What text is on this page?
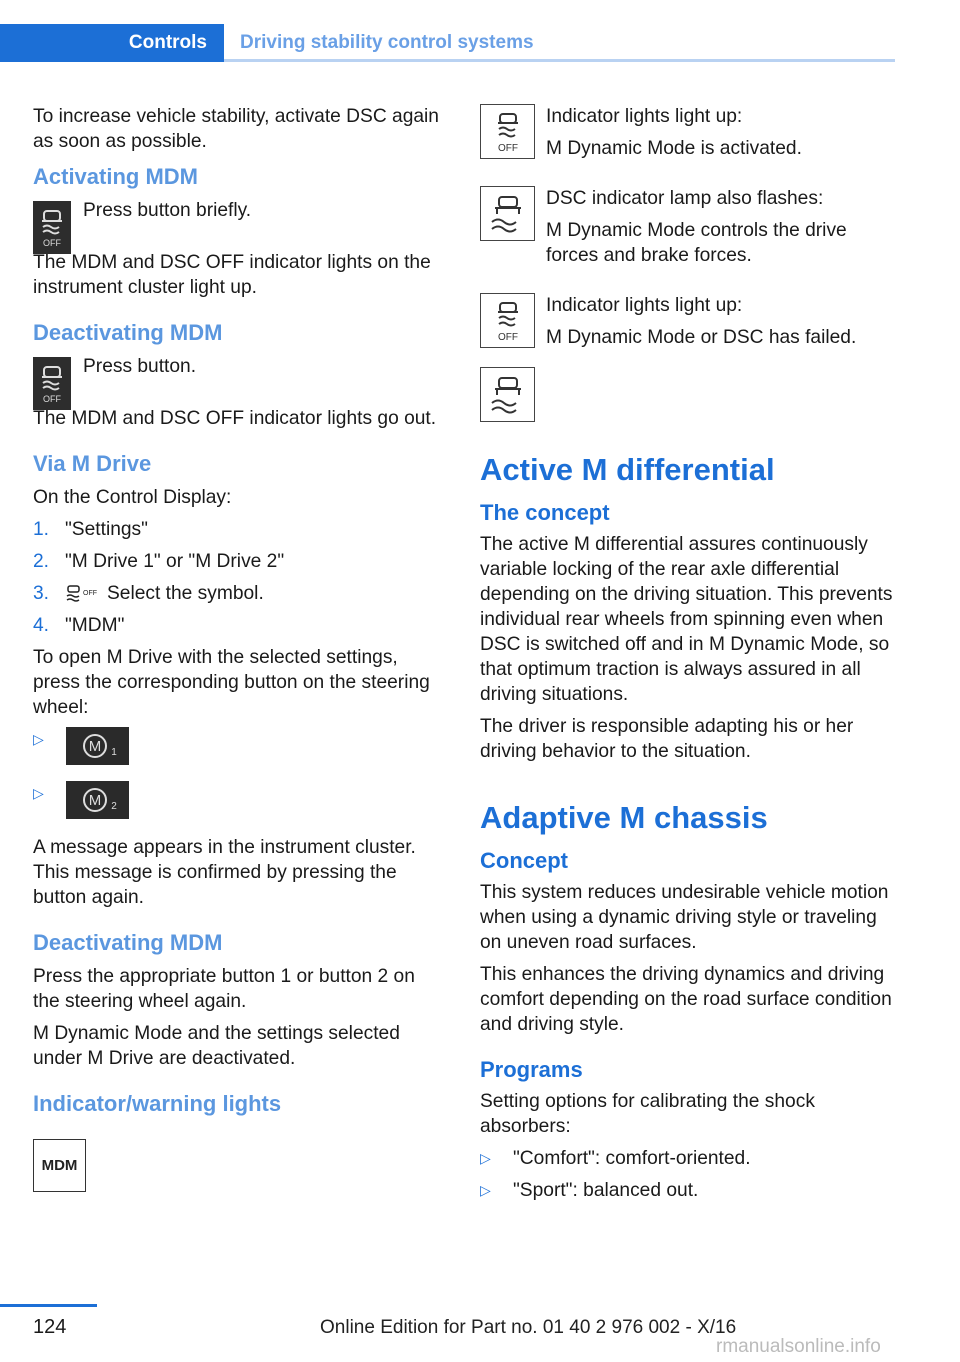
Controls	Driving stability control systems

To increase vehicle stability, activate DSC again as soon as possible.

Activating MDM
OFF

Press button briefly.

The MDM and DSC OFF indicator lights on the instrument cluster light up.

Deactivating MDM
OFF

Press button.

The MDM and DSC OFF indicator lights go out.

Via M Drive

On the Control Display:

1. "Settings"
2. "M Drive 1" or "M Drive 2"
3.	OFF Select the symbol.
4. "MDM"

To open M Drive with the selected settings, press the corresponding button on the steering wheel:

▷	M 1
▷	M 2

A message appears in the instrument cluster. This message is confirmed by pressing the button again.

Deactivating MDM

Press the appropriate button 1 or button 2 on the steering wheel again.

M Dynamic Mode and the settings selected under M Drive are deactivated.

Indicator/warning lights
MDM
OFF

Indicator lights light up:

M Dynamic Mode is activated.

DSC indicator lamp also flashes:

M Dynamic Mode controls the drive forces and brake forces.

OFF

Indicator lights light up:

M Dynamic Mode or DSC has failed.

Active M differential
The concept

The active M differential assures continuously variable locking of the rear axle differential depending on the driving situation. This prevents individual rear wheels from spinning even when DSC is switched off and in M Dynamic Mode, so that optimum traction is always assured in all driving situations.

The driver is responsible adapting his or her driving behavior to the situation.

Adaptive M chassis
Concept

This system reduces undesirable vehicle motion when using a dynamic driving style or traveling on uneven road surfaces.

This enhances the driving dynamics and driving comfort depending on the road surface condition and driving style.

Programs

Setting options for calibrating the shock absorbers:

▷	"Comfort": comfort-oriented.
▷	"Sport": balanced out.
124	Online Edition for Part no. 01 40 2 976 002 - X/16
rmanualsonline.info
